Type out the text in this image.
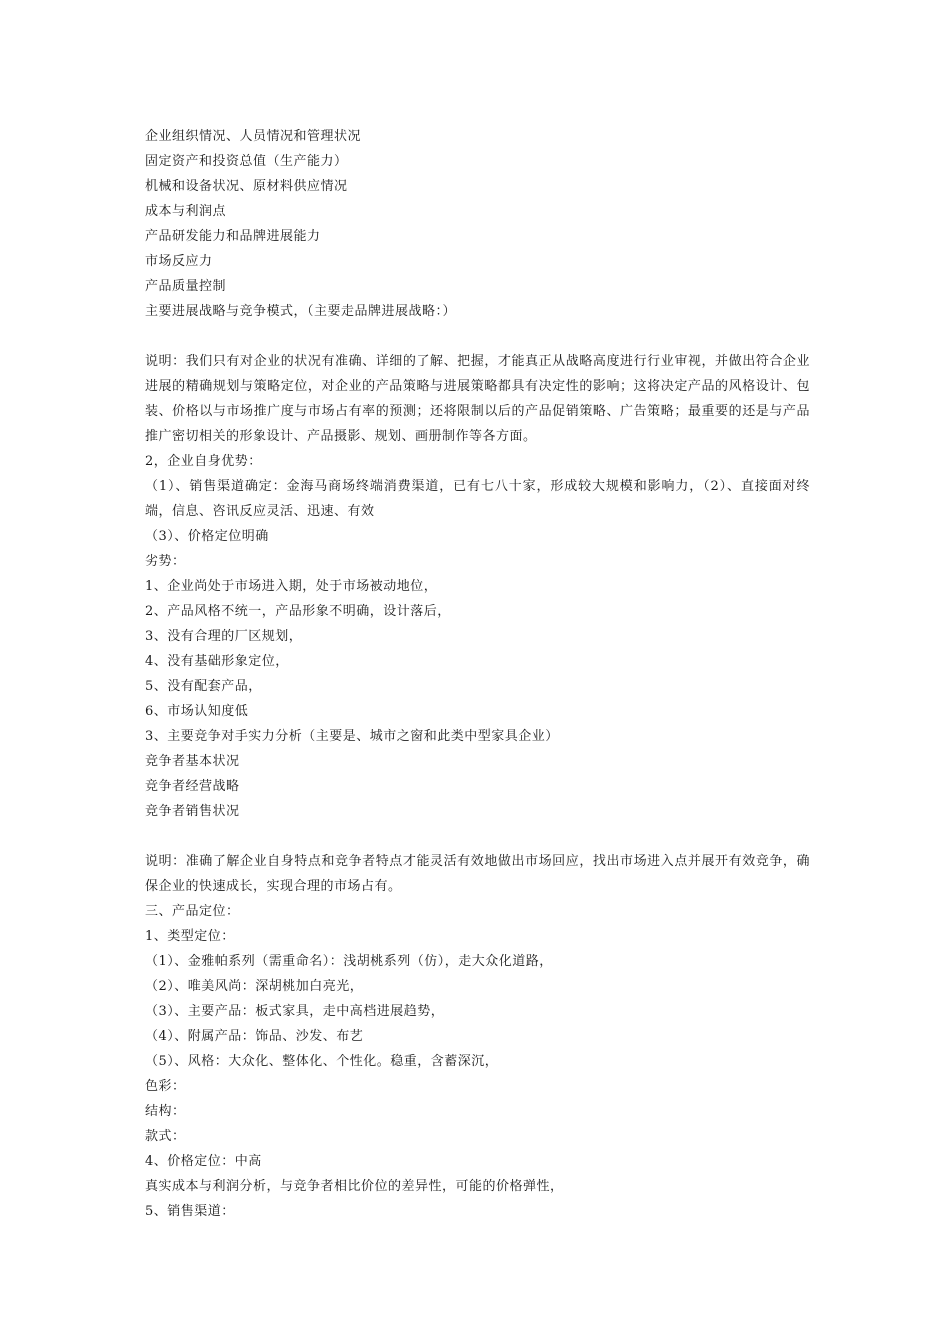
企业组织情况、人员情况和管理状况
固定资产和投资总值（生产能力）
机械和设备状况、原材料供应情况
成本与利润点
产品研发能力和品牌进展能力
市场反应力
产品质量控制
主要进展战略与竞争模式，（主要走品牌进展战略：）
说明：我们只有对企业的状况有准确、详细的了解、把握，才能真正从战略高度进行行业审视，并做出符合企业进展的精确规划与策略定位，对企业的产品策略与进展策略都具有决定性的影响；这将决定产品的风格设计、包装、价格以与市场推广度与市场占有率的预测；还将限制以后的产品促销策略、广告策略；最重要的还是与产品推广密切相关的形象设计、产品摄影、规划、画册制作等各方面。
2，企业自身优势：
（1）、销售渠道确定：金海马商场终端消费渠道，已有七八十家，形成较大规模和影响力，（2）、直接面对终端，信息、咨讯反应灵活、迅速、有效
（3）、价格定位明确
劣势：
1、企业尚处于市场进入期，处于市场被动地位，
2、产品风格不统一，产品形象不明确，设计落后，
3、没有合理的厂区规划，
4、没有基础形象定位，
5、没有配套产品，
6、市场认知度低
3、主要竞争对手实力分析（主要是、城市之窗和此类中型家具企业）
竞争者基本状况
竞争者经营战略
竞争者销售状况
说明：准确了解企业自身特点和竞争者特点才能灵活有效地做出市场回应，找出市场进入点并展开有效竞争，确保企业的快速成长，实现合理的市场占有。
三、产品定位：
1、类型定位：
（1）、金雅帕系列（需重命名）：浅胡桃系列（仿），走大众化道路，
（2）、唯美风尚：深胡桃加白亮光，
（3）、主要产品：板式家具，走中高档进展趋势，
（4）、附属产品：饰品、沙发、布艺
（5）、风格：大众化、整体化、个性化。稳重，含蓄深沉，
色彩：
结构：
款式：
4、价格定位：中高
真实成本与利润分析，与竞争者相比价位的差异性，可能的价格弹性，
5、销售渠道：
